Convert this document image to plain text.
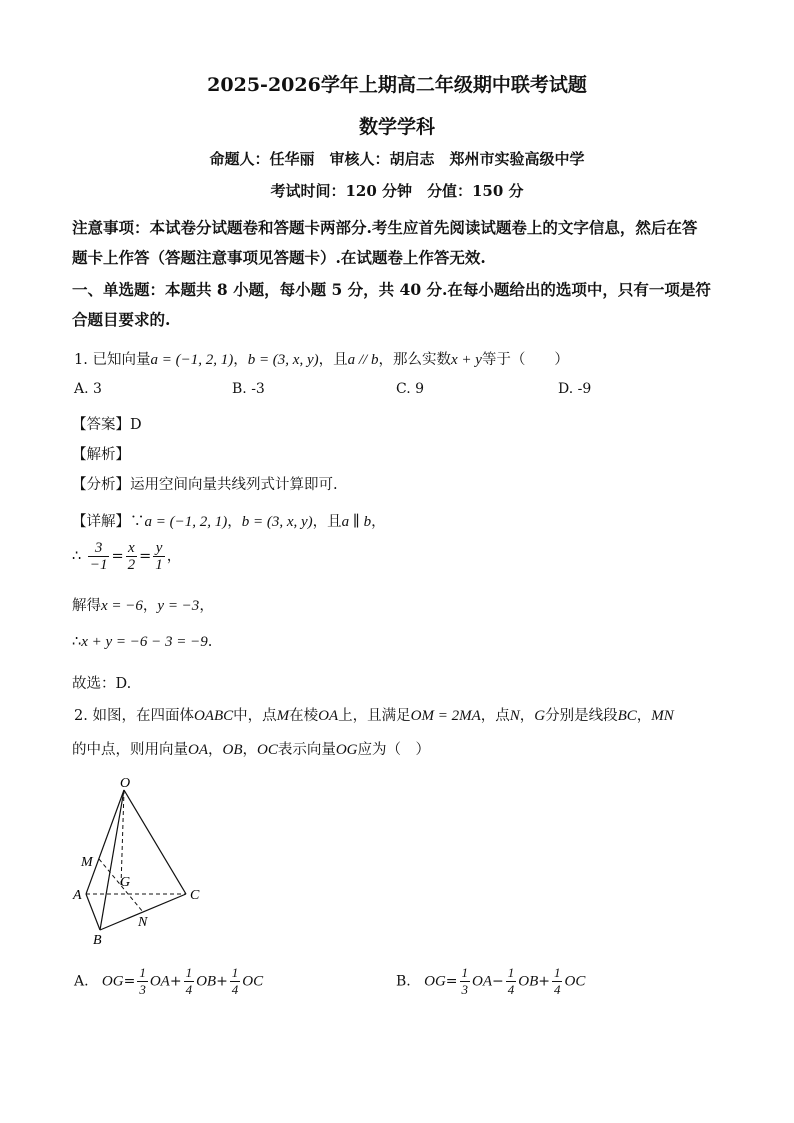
2025-2026学年上期高二年级期中联考试题
数学学科
命题人：任华丽　审核人：胡启志　郑州市实验高级中学
考试时间：120 分钟　分值：150 分
注意事项：本试卷分试题卷和答题卡两部分.考生应首先阅读试题卷上的文字信息，然后在答
题卡上作答（答题注意事项见答题卡）.在试题卷上作答无效.
一、单选题：本题共 8 小题，每小题 5 分，共 40 分.在每小题给出的选项中，只有一项是符
合题目要求的.
1. 已知向量a = (−1, 2, 1)，b = (3, x, y)，且a // b，那么实数x + y等于（　　）
A. 3	B. -3	C. 9	D. -9
【答案】D
【解析】
【分析】运用空间向量共线列式计算即可.
【详解】∵a = (−1, 2, 1)，b = (3, x, y)，且a ∥ b，
∴ $\frac{3}{-1} = \frac{x}{2} = \frac{y}{1}$ ，
解得x = −6，y = −3，
∴x + y = −6 − 3 = −9.
故选：D.
2. 如图，在四面体OABC中，点M在棱OA上，且满足OM = 2MA，点N，G分别是线段BC，MN
的中点，则用向量OA，OB，OC表示向量OG应为（　）
O
M
G
A	C
N
B
A. $OG= \frac{1}{3} OA+ \frac{1}{4} OB+ \frac{1}{4}$ OC	B. $OG= \frac{1}{3} OA- \frac{1}{4} OB+ \frac{1}{4}$ OC
